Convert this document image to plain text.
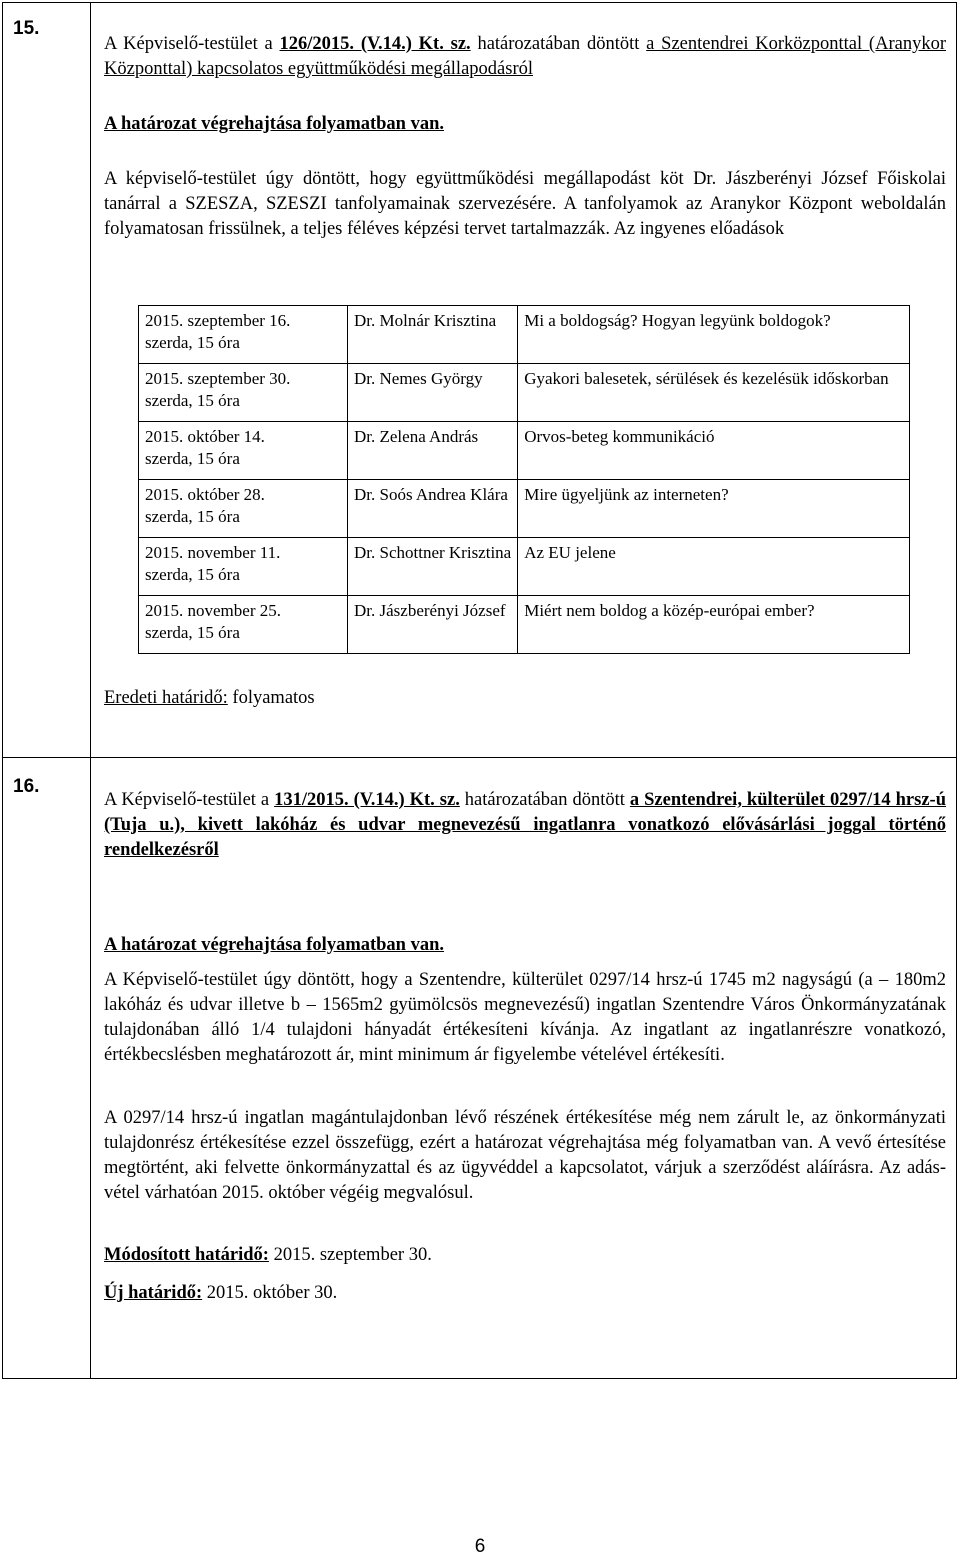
15.

A Képviselő-testület a 126/2015. (V.14.) Kt. sz. határozatában döntött a Szentendrei Korközponttal (Aranykor Központtal) kapcsolatos együttműködési megállapodásról

A határozat végrehajtása folyamatban van.

A képviselő-testület úgy döntött, hogy együttműködési megállapodást köt Dr. Jászberényi József Főiskolai tanárral a SZESZA, SZESZI tanfolyamainak szervezésére. A tanfolyamok az Aranykor Központ weboldalán folyamatosan frissülnek, a teljes féléves képzési tervet tartalmazzák. Az ingyenes előadások
2015. szeptember 16.
szerda, 15 óra	Dr. Molnár Krisztina	Mi a boldogság? Hogyan legyünk boldogok?

2015. szeptember 30.
szerda, 15 óra	Dr. Nemes György	Gyakori balesetek, sérülések és kezelésük időskorban

2015. október 14.
szerda, 15 óra	Dr. Zelena András	Orvos-beteg kommunikáció

2015. október 28.
szerda, 15 óra	Dr. Soós Andrea Klára	Mire ügyeljünk az interneten?

2015. november 11.
szerda, 15 óra	Dr. Schottner Krisztina	Az EU jelene

2015. november 25.
szerda, 15 óra	Dr. Jászberényi József	Miért nem boldog a közép-európai ember?
Eredeti határidő: folyamatos
16.

A Képviselő-testület a 131/2015. (V.14.) Kt. sz. határozatában döntött a Szentendrei, külterület 0297/14 hrsz-ú (Tuja u.), kivett lakóház és udvar megnevezésű ingatlanra vonatkozó elővásárlási joggal történő rendelkezésről

A határozat végrehajtása folyamatban van.

A Képviselő-testület úgy döntött, hogy a Szentendre, külterület 0297/14 hrsz-ú 1745 m2 nagyságú (a – 180m2 lakóház és udvar illetve b – 1565m2 gyümölcsös megnevezésű) ingatlan Szentendre Város Önkormányzatának tulajdonában álló 1/4 tulajdoni hányadát értékesíteni kívánja. Az ingatlant az ingatlanrészre vonatkozó, értékbecslésben meghatározott ár, mint minimum ár figyelembe vételével értékesíti.
A 0297/14 hrsz-ú ingatlan magántulajdonban lévő részének értékesítése még nem zárult le, az önkormányzati tulajdonrész értékesítése ezzel összefügg, ezért a határozat végrehajtása még folyamatban van. A vevő értesítése megtörtént, aki felvette önkormányzattal és az ügyvéddel a kapcsolatot, várjuk a szerződést aláírásra. Az adás-vétel várhatóan 2015. október végéig megvalósul.
Módosított határidő: 2015. szeptember 30.
Új határidő: 2015. október 30.
6
